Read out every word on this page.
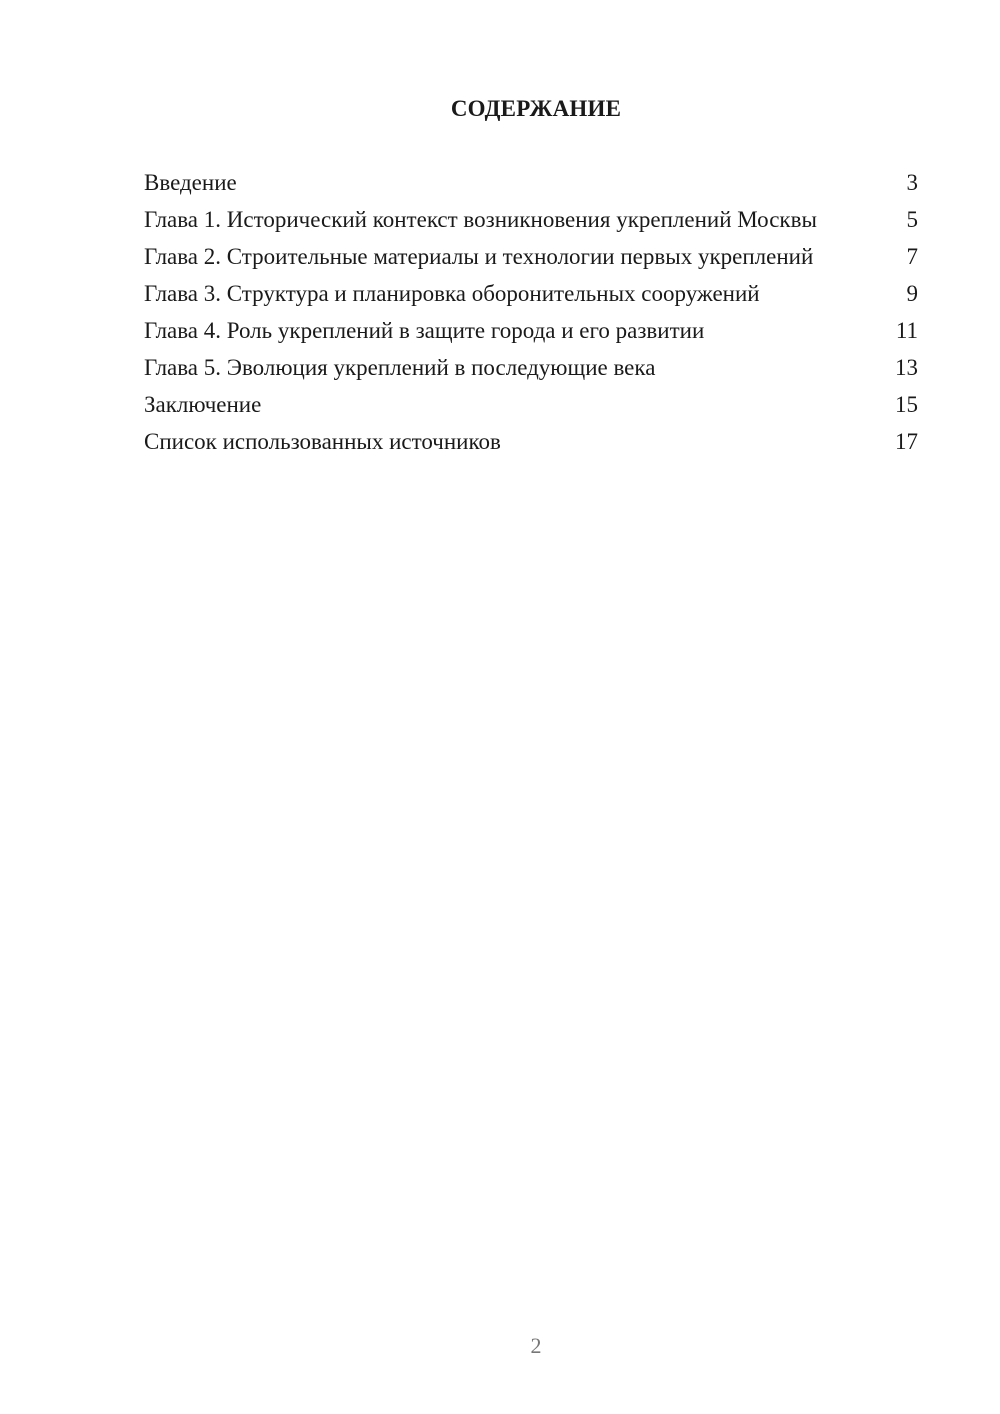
СОДЕРЖАНИЕ
Введение	3
Глава 1. Исторический контекст возникновения укреплений Москвы	5
Глава 2. Строительные материалы и технологии первых укреплений	7
Глава 3. Структура и планировка оборонительных сооружений	9
Глава 4. Роль укреплений в защите города и его развитии	11
Глава 5. Эволюция укреплений в последующие века	13
Заключение	15
Список использованных источников	17
2
